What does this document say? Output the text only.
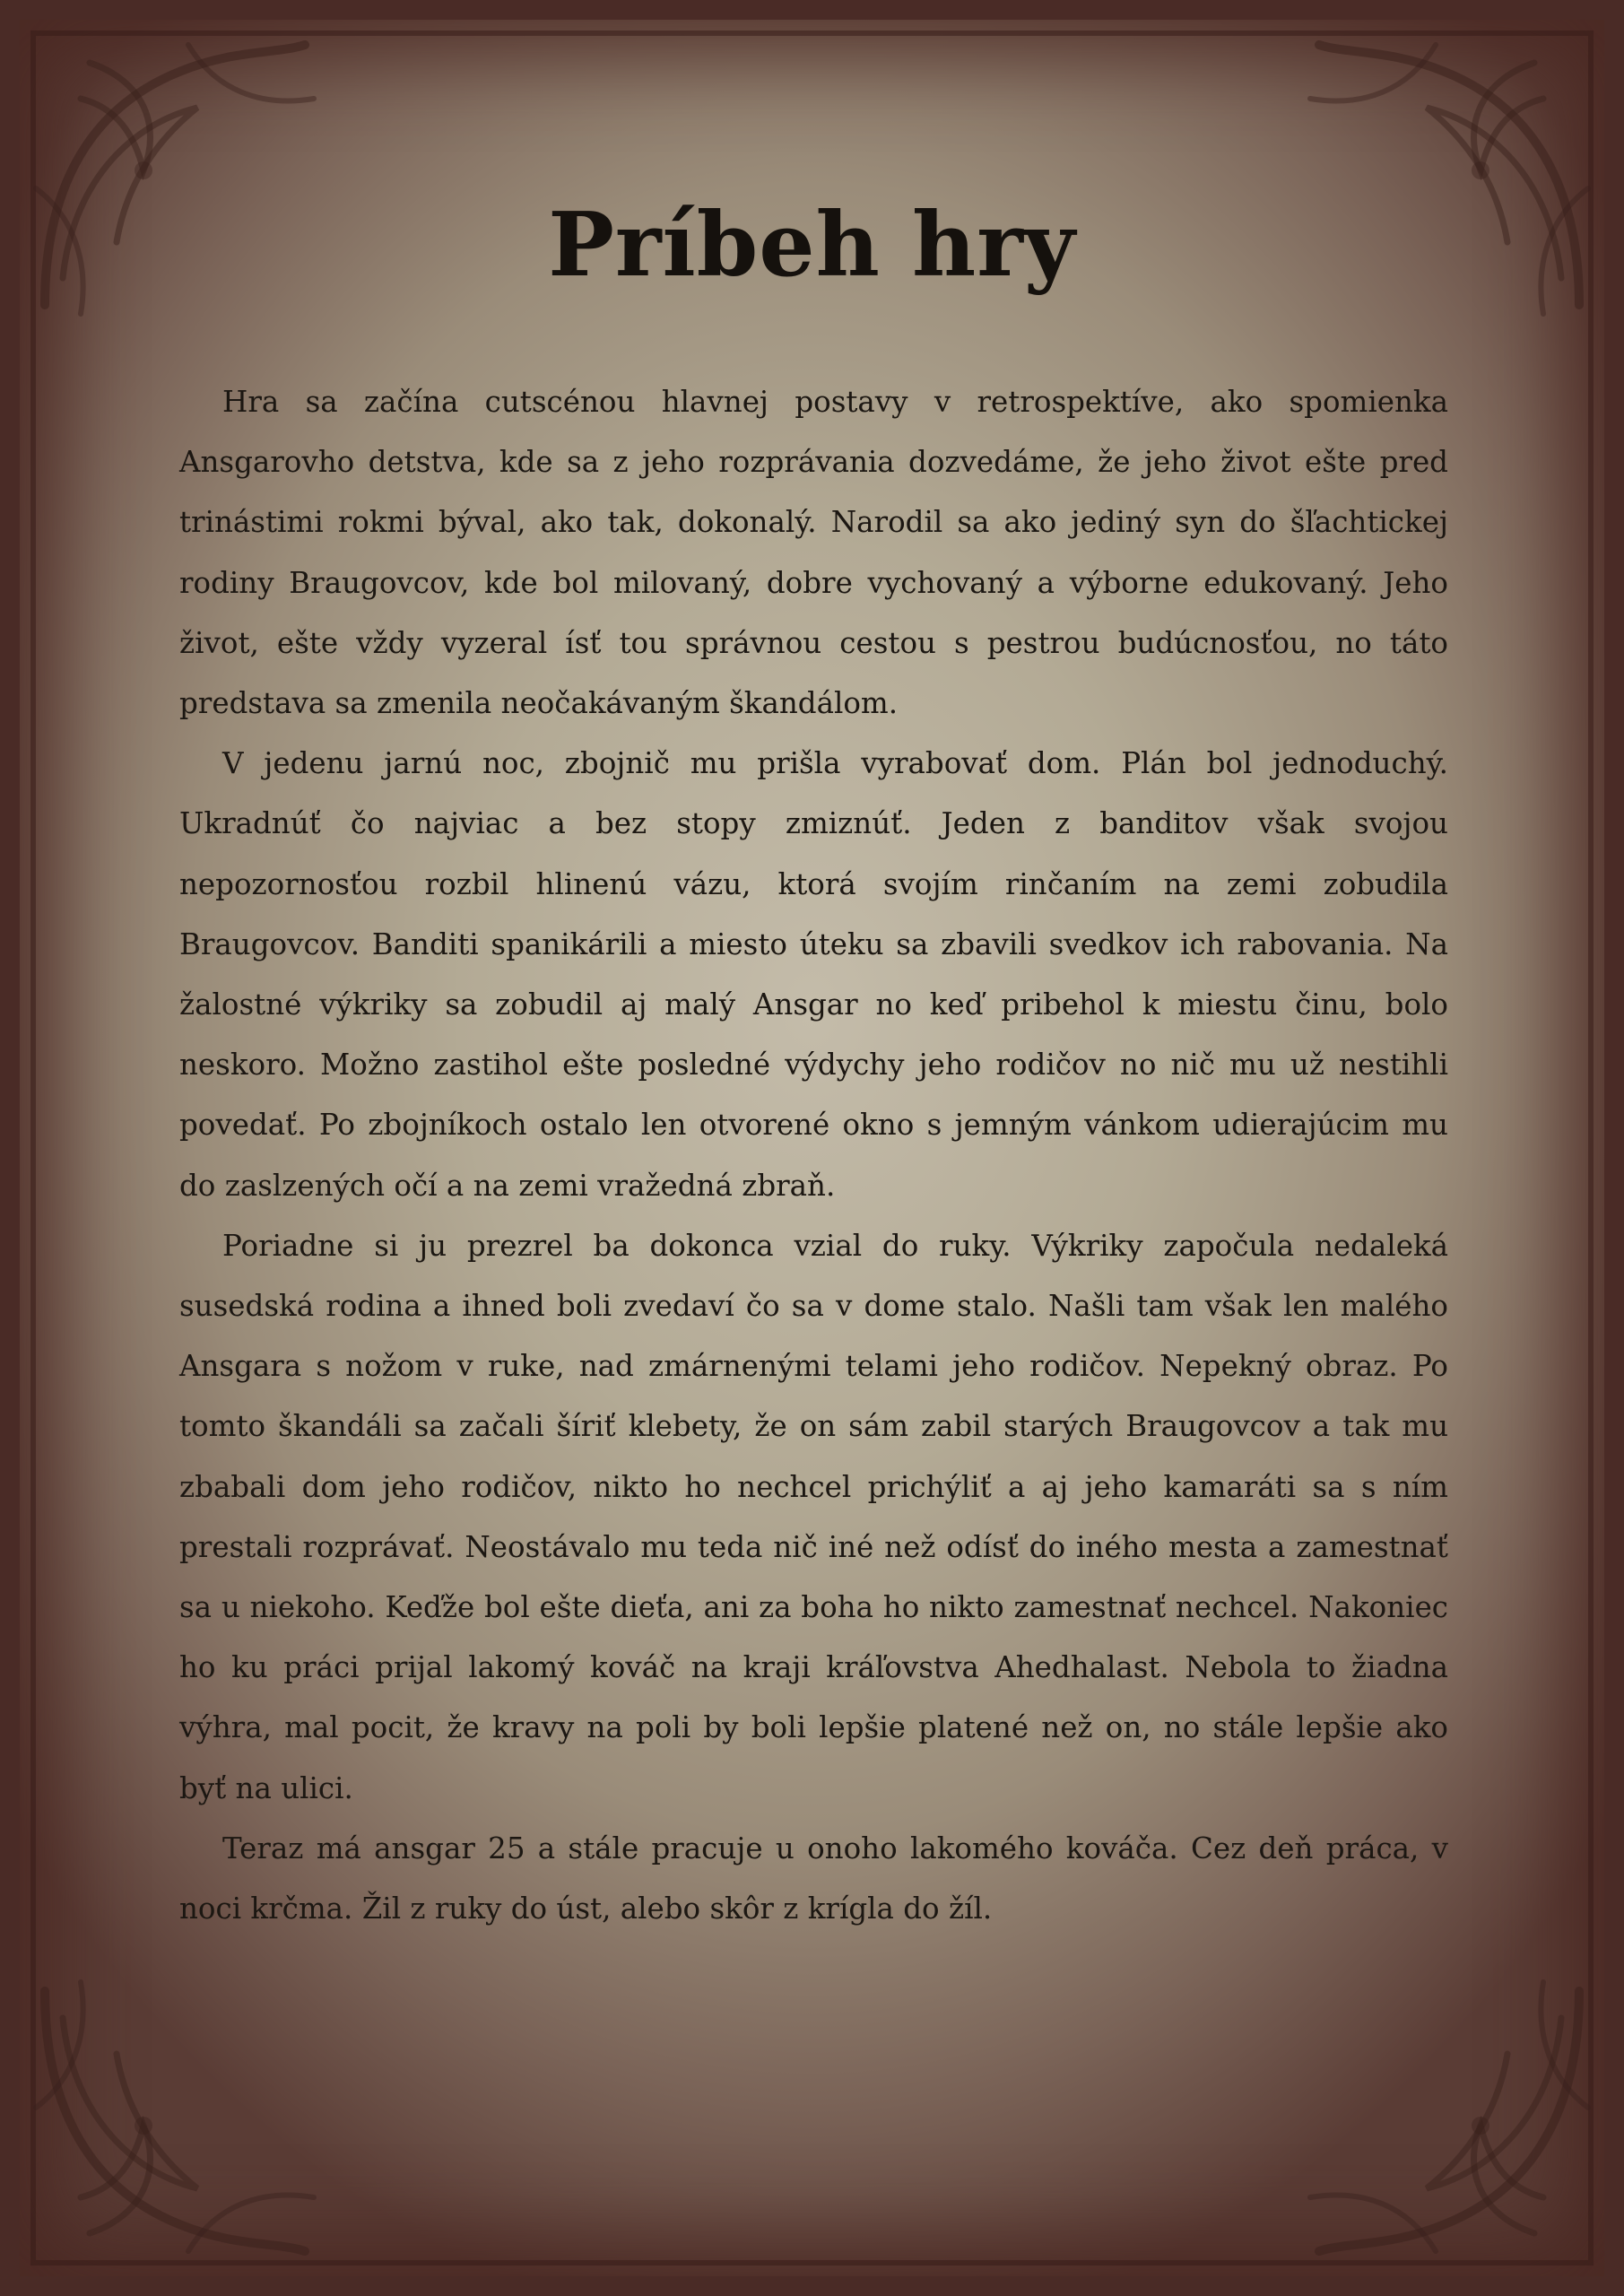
Príbeh hry

Hra sa začína cutscénou hlavnej postavy v retrospektíve, ako spomienka Ansgarovho detstva, kde sa z jeho rozprávania dozvedáme, že jeho život ešte pred trinástimi rokmi býval, ako tak, dokonalý. Narodil sa ako jediný syn do šľachtickej rodiny Braugovcov, kde bol milovaný, dobre vychovaný a výborne edukovaný. Jeho život, ešte vždy vyzeral ísť tou správnou cestou s pestrou budúcnosťou, no táto predstava sa zmenila neočakávaným škandálom.

V jedenu jarnú noc, zbojnič mu prišla vyrabovať dom. Plán bol jednoduchý. Ukradnúť čo najviac a bez stopy zmiznúť. Jeden z banditov však svojou nepozornosťou rozbil hlinenú vázu, ktorá svojím rinčaním na zemi zobudila Braugovcov. Banditi spanikárili a miesto úteku sa zbavili svedkov ich rabovania. Na žalostné výkriky sa zobudil aj malý Ansgar no keď pribehol k miestu činu, bolo neskoro. Možno zastihol ešte posledné výdychy jeho rodičov no nič mu už nestihli povedať. Po zbojníkoch ostalo len otvorené okno s jemným vánkom udierajúcim mu do zaslzených očí a na zemi vražedná zbraň.

Poriadne si ju prezrel ba dokonca vzial do ruky. Výkriky započula nedaleká susedská rodina a ihned boli zvedaví čo sa v dome stalo. Našli tam však len malého Ansgara s nožom v ruke, nad zmárnenými telami jeho rodičov. Nepekný obraz. Po tomto škandáli sa začali šíriť klebety, že on sám zabil starých Braugovcov a tak mu zbabali dom jeho rodičov, nikto ho nechcel prichýliť a aj jeho kamaráti sa s ním prestali rozprávať. Neostávalo mu teda nič iné než odísť do iného mesta a zamestnať sa u niekoho. Keďže bol ešte dieťa, ani za boha ho nikto zamestnať nechcel. Nakoniec ho ku práci prijal lakomý kováč na kraji kráľovstva Ahedhalast. Nebola to žiadna výhra, mal pocit, že kravy na poli by boli lepšie platené než on, no stále lepšie ako byť na ulici.

Teraz má ansgar 25 a stále pracuje u onoho lakomého kováča. Cez deň práca, v noci krčma. Žil z ruky do úst, alebo skôr z krígla do žíl.
